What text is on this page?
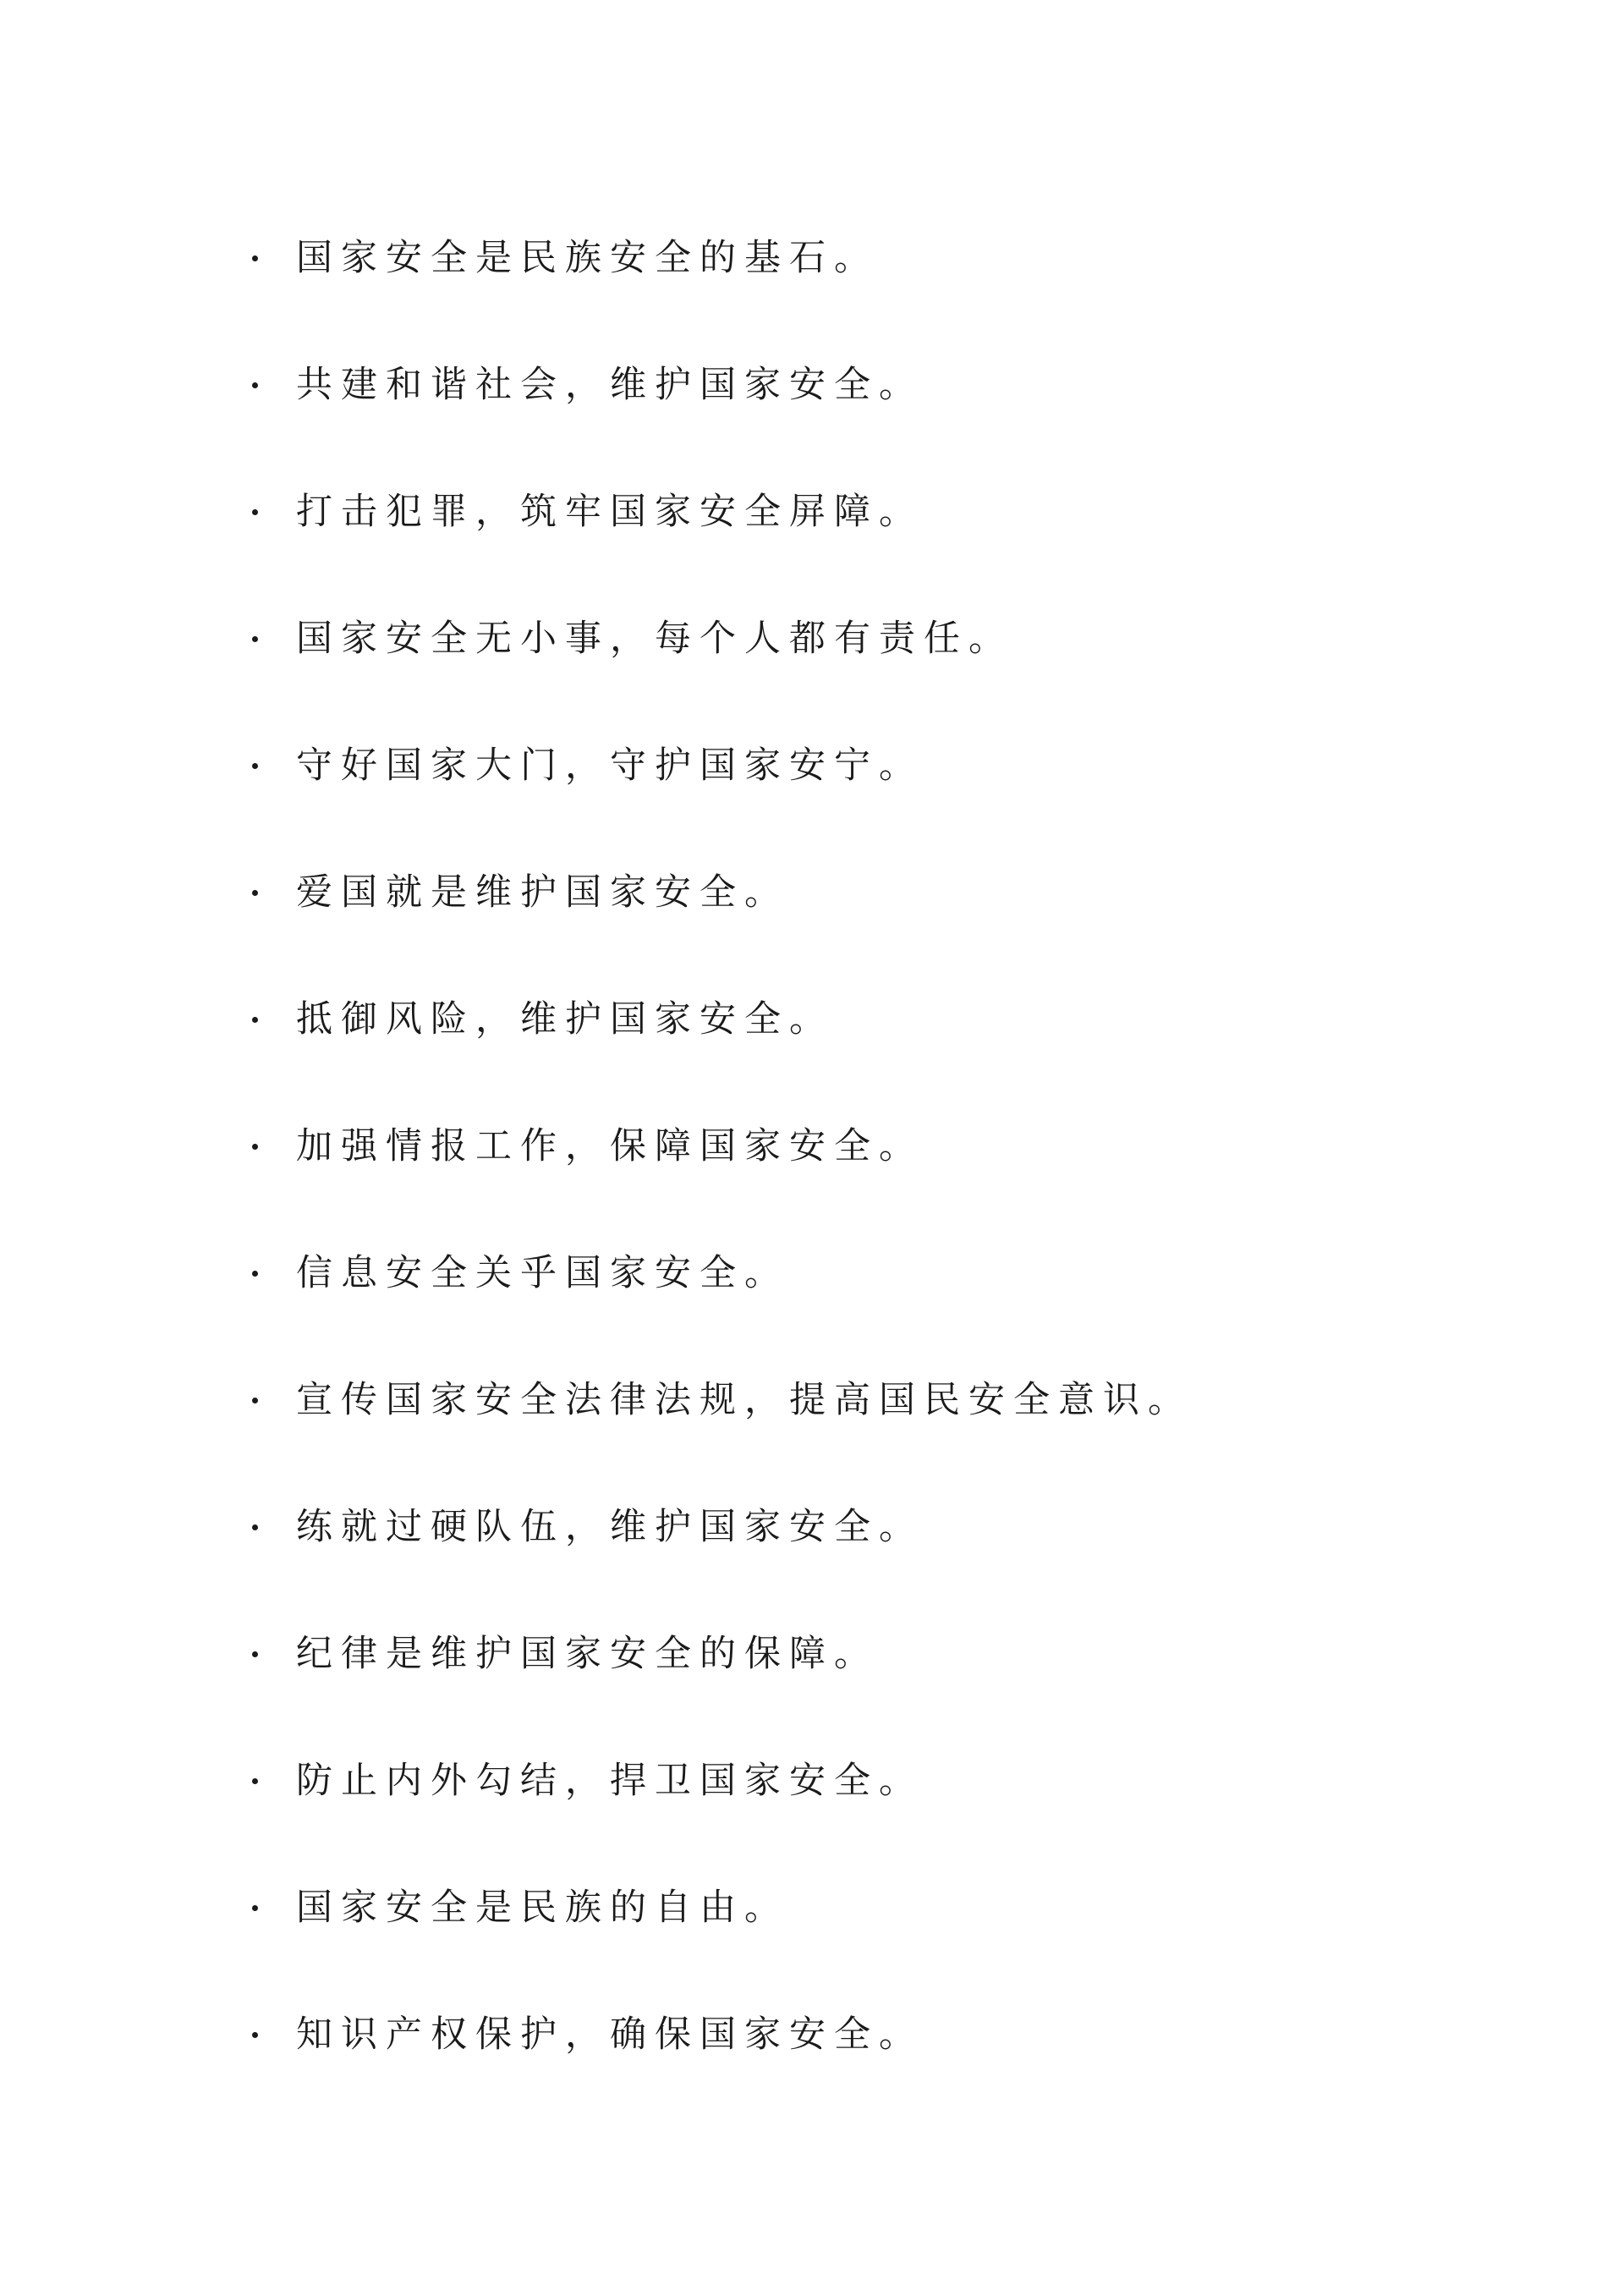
国家安全是民族安全的基石。
共建和谐社会，维护国家安全。
打击犯罪，筑牢国家安全屏障。
国家安全无小事，每个人都有责任。
守好国家大门，守护国家安宁。
爱国就是维护国家安全。
抵御风险，维护国家安全。
加强情报工作，保障国家安全。
信息安全关乎国家安全。
宣传国家安全法律法规，提高国民安全意识。
练就过硬队伍，维护国家安全。
纪律是维护国家安全的保障。
防止内外勾结，捍卫国家安全。
国家安全是民族的自由。
知识产权保护，确保国家安全。
